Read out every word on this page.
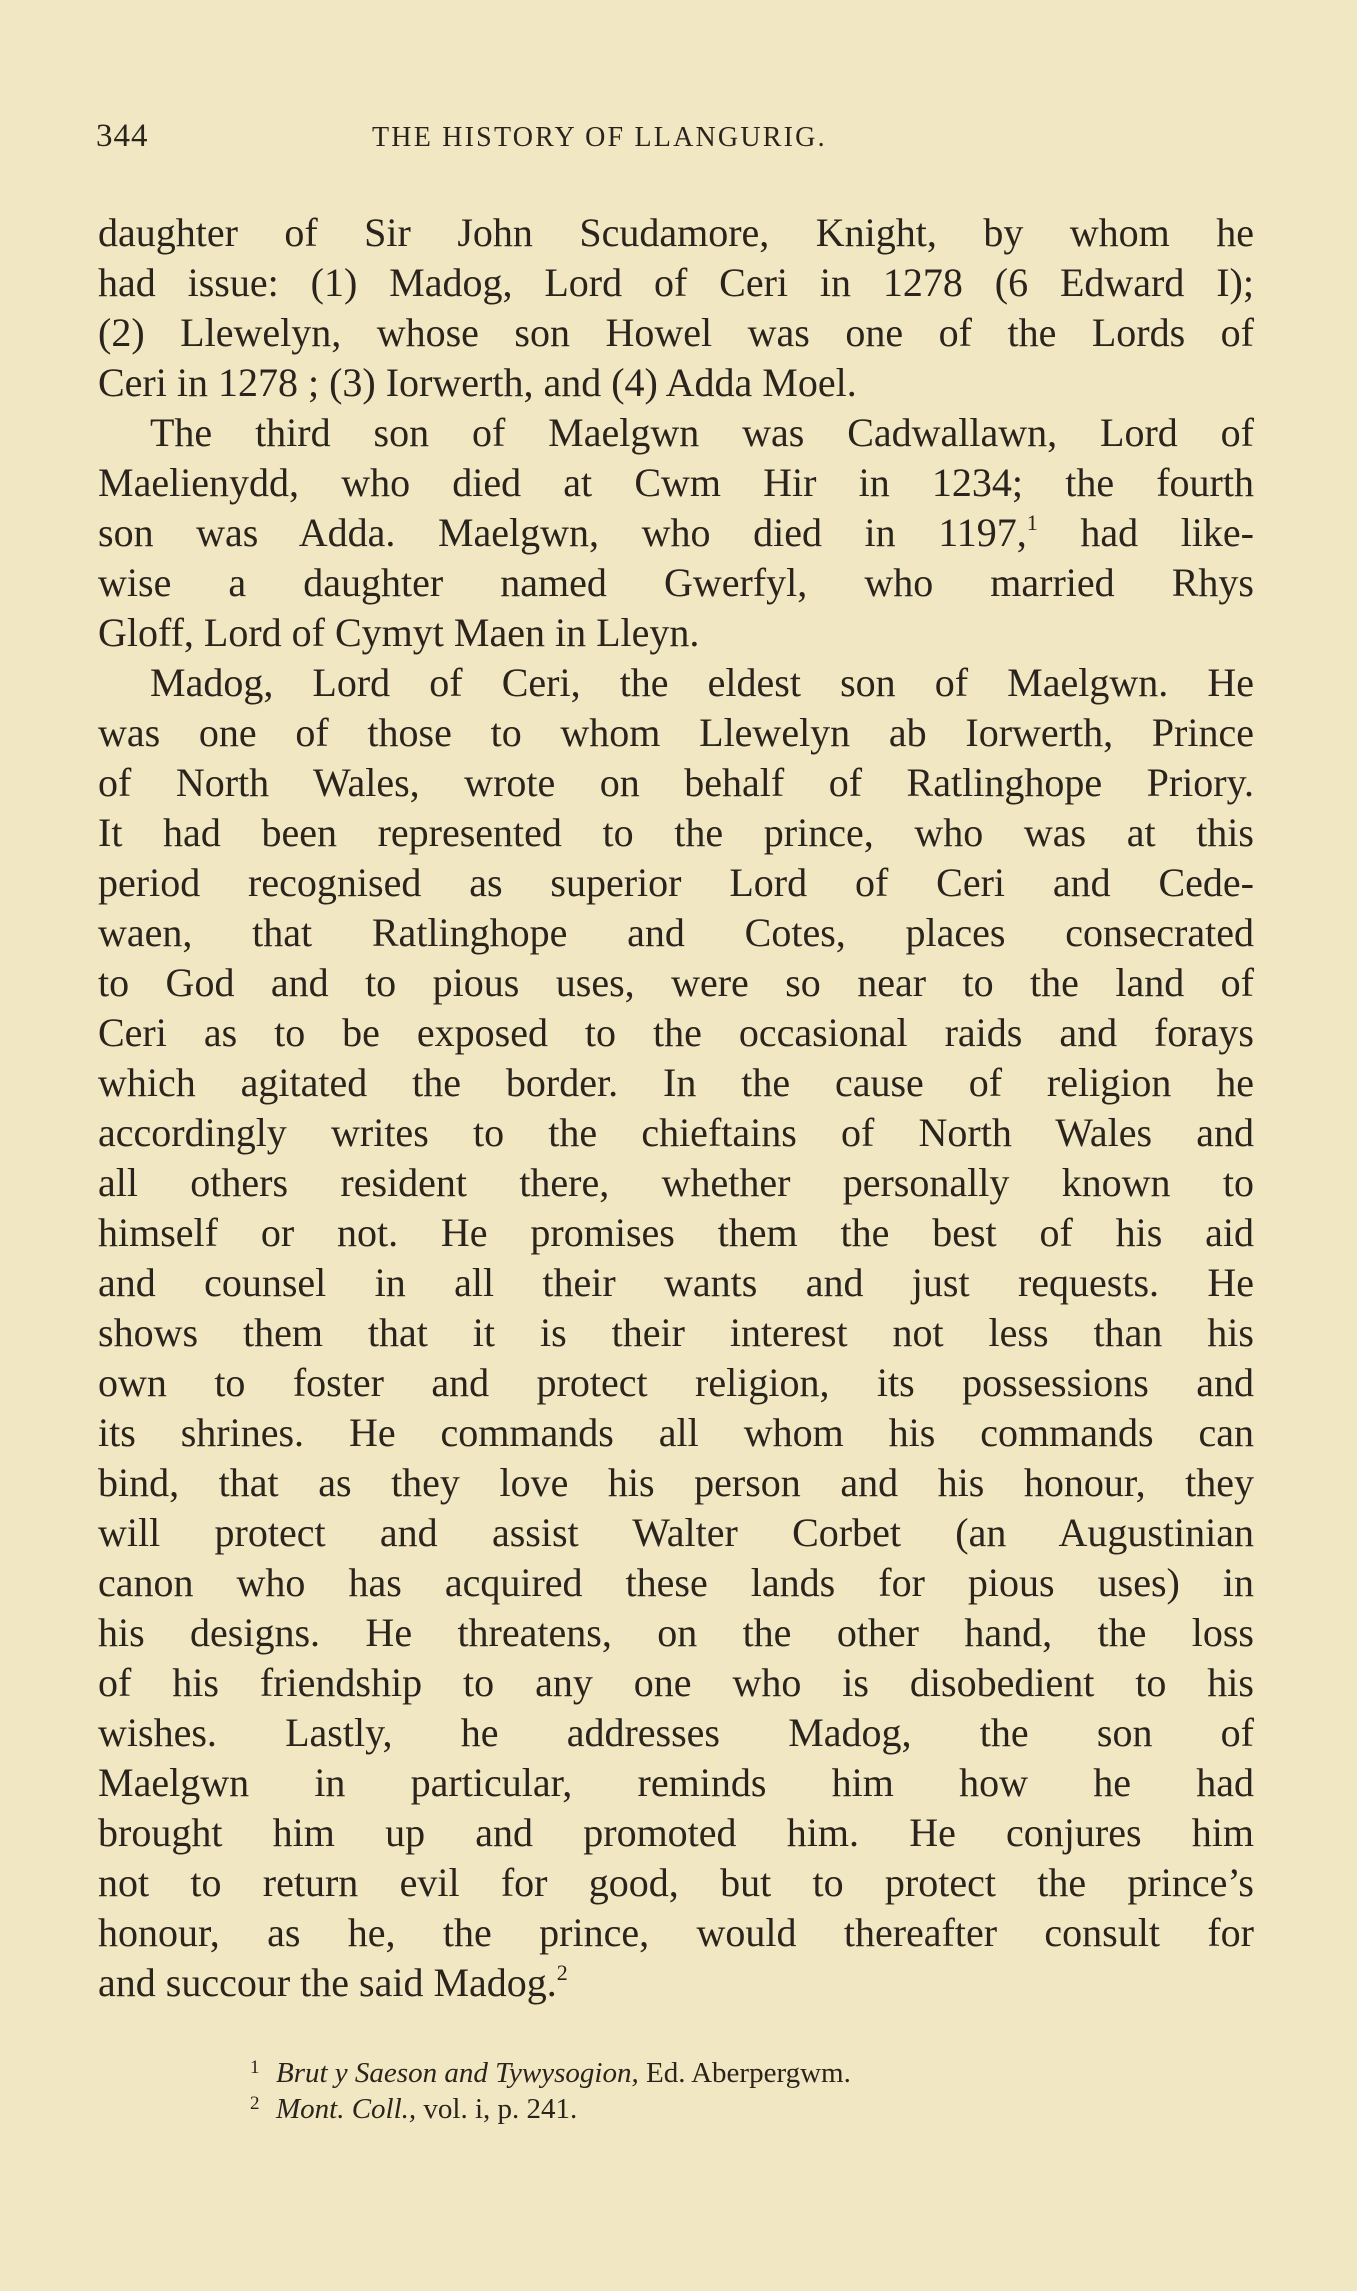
344	THE HISTORY OF LLANGURIG.
daughter of Sir John Scudamore, Knight, by whom he
had issue: (1) Madog, Lord of Ceri in 1278 (6 Edward I);
(2) Llewelyn, whose son Howel was one of the Lords of
Ceri in 1278 ; (3) Iorwerth, and (4) Adda Moel.
The third son of Maelgwn was Cadwallawn, Lord of
Maelienydd, who died at Cwm Hir in 1234; the fourth
son was Adda. Maelgwn, who died in 1197,$^1$ had like-
wise a daughter named Gwerfyl, who married Rhys
Gloff, Lord of Cymyt Maen in Lleyn.
Madog, Lord of Ceri, the eldest son of Maelgwn. He
was one of those to whom Llewelyn ab Iorwerth, Prince
of North Wales, wrote on behalf of Ratlinghope Priory.
It had been represented to the prince, who was at this
period recognised as superior Lord of Ceri and Cede-
waen, that Ratlinghope and Cotes, places consecrated
to God and to pious uses, were so near to the land of
Ceri as to be exposed to the occasional raids and forays
which agitated the border. In the cause of religion he
accordingly writes to the chieftains of North Wales and
all others resident there, whether personally known to
himself or not. He promises them the best of his aid
and counsel in all their wants and just requests. He
shows them that it is their interest not less than his
own to foster and protect religion, its possessions and
its shrines. He commands all whom his commands can
bind, that as they love his person and his honour, they
will protect and assist Walter Corbet (an Augustinian
canon who has acquired these lands for pious uses) in
his designs. He threatens, on the other hand, the loss
of his friendship to any one who is disobedient to his
wishes. Lastly, he addresses Madog, the son of
Maelgwn in particular, reminds him how he had
brought him up and promoted him. He conjures him
not to return evil for good, but to protect the prince’s
honour, as he, the prince, would thereafter consult for
and succour the said Madog.$^2$
1 Brut y Saeson and Tywysogion, Ed. Aberpergwm.
2 Mont. Coll., vol. i, p. 241.
